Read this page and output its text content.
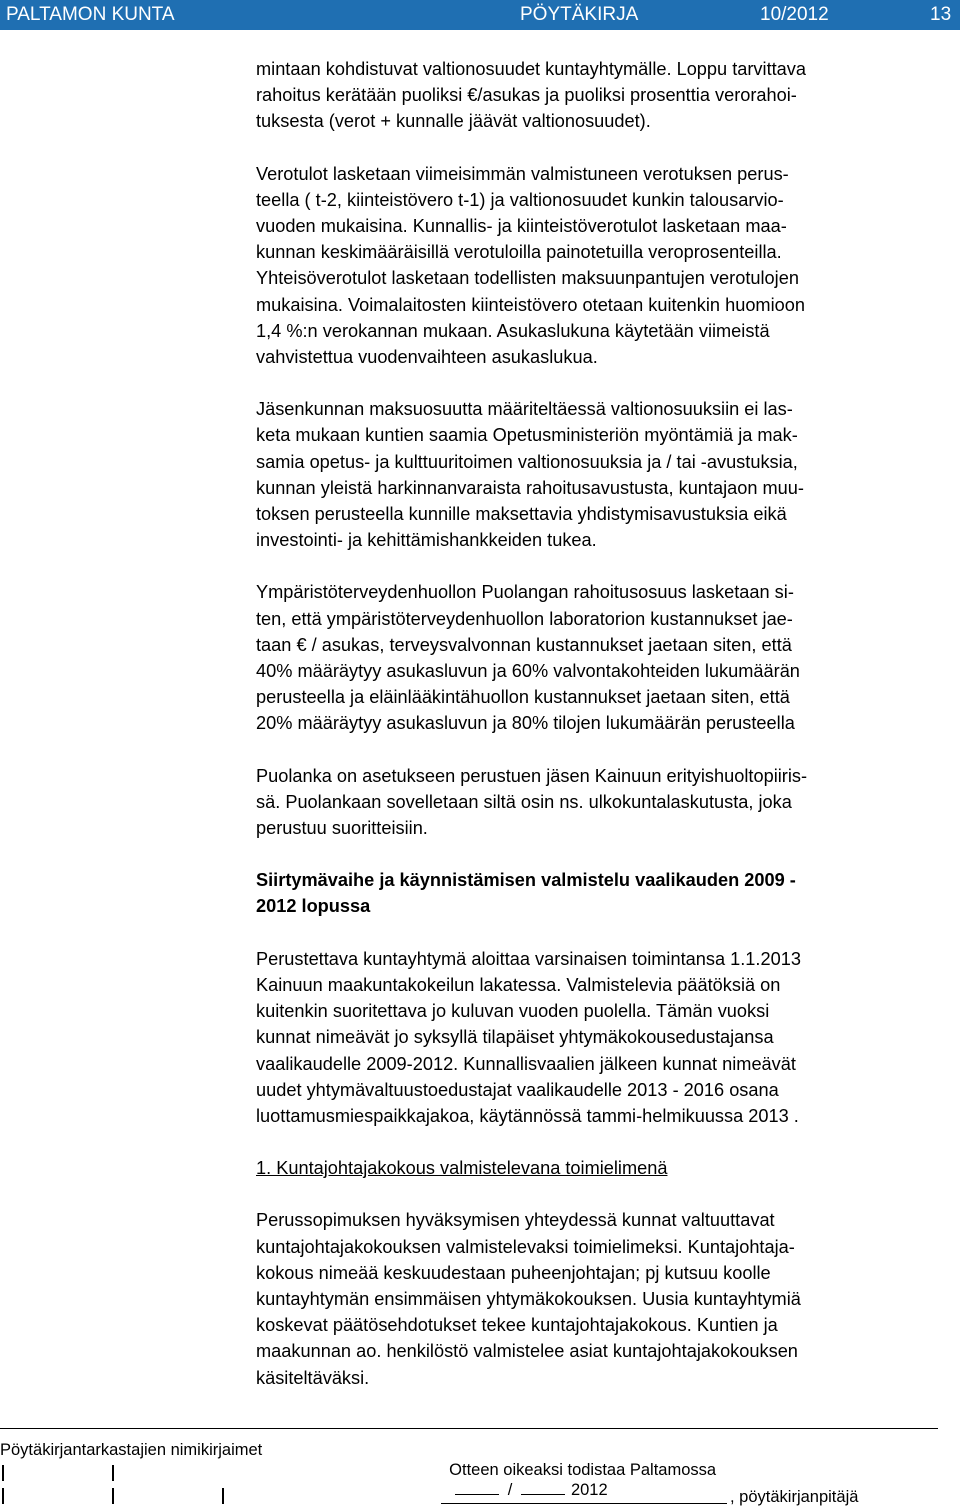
PALTAMON KUNTA	PÖYTÄKIRJA	10/2012	13

mintaan kohdistuvat valtionosuudet kuntayhtymälle. Loppu tarvittava
rahoitus kerätään puoliksi €/asukas ja puoliksi prosenttia verorahoi-
tuksesta (verot + kunnalle jäävät valtionosuudet).

Verotulot lasketaan viimeisimmän valmistuneen verotuksen perus-
teella ( t-2, kiinteistövero t-1) ja valtionosuudet kunkin talousarvio-
vuoden mukaisina. Kunnallis- ja kiinteistöverotulot lasketaan maa-
kunnan keskimääräisillä verotuloilla painotetuilla veroprosenteilla.
Yhteisöverotulot lasketaan todellisten maksuunpantujen verotulojen
mukaisina. Voimalaitosten kiinteistövero otetaan kuitenkin huomioon
1,4 %:n verokannan mukaan. Asukaslukuna käytetään viimeistä
vahvistettua vuodenvaihteen asukaslukua.

Jäsenkunnan maksuosuutta määriteltäessä valtionosuuksiin ei las-
keta mukaan kuntien saamia Opetusministeriön myöntämiä ja mak-
samia opetus- ja kulttuuritoimen valtionosuuksia ja / tai -avustuksia,
kunnan yleistä harkinnanvaraista rahoitusavustusta, kuntajaon muu-
toksen perusteella kunnille maksettavia yhdistymisavustuksia eikä
investointi- ja kehittämishankkeiden tukea.

Ympäristöterveydenhuollon Puolangan rahoitusosuus lasketaan si-
ten, että ympäristöterveydenhuollon laboratorion kustannukset jae-
taan € / asukas, terveysvalvonnan kustannukset jaetaan siten, että
40% määräytyy asukasluvun ja 60% valvontakohteiden lukumäärän
perusteella ja eläinlääkintähuollon kustannukset jaetaan siten, että
20% määräytyy asukasluvun ja 80% tilojen lukumäärän perusteella

Puolanka on asetukseen perustuen jäsen Kainuun erityishuoltopiiris-
sä. Puolankaan sovelletaan siltä osin ns. ulkokuntalaskutusta, joka
perustuu suoritteisiin.

Siirtymävaihe ja käynnistämisen valmistelu vaalikauden 2009 -
2012 lopussa

Perustettava kuntayhtymä aloittaa varsinaisen toimintansa 1.1.2013
Kainuun maakuntakokeilun lakatessa. Valmistelevia päätöksiä on
kuitenkin suoritettava jo kuluvan vuoden puolella. Tämän vuoksi
kunnat nimeävät jo syksyllä tilapäiset yhtymäkokousedustajansa
vaalikaudelle 2009-2012. Kunnallisvaalien jälkeen kunnat nimeävät
uudet yhtymävaltuustoedustajat vaalikaudelle 2013 - 2016 osana
luottamusmiespaikkajakoa, käytännössä tammi-helmikuussa 2013 .

1. Kuntajohtajakokous valmistelevana toimielimenä

Perussopimuksen hyväksymisen yhteydessä kunnat valtuuttavat
kuntajohtajakokouksen valmistelevaksi toimielimeksi. Kuntajohtaja-
kokous nimeää keskuudestaan puheenjohtajan; pj kutsuu koolle
kuntayhtymän ensimmäisen yhtymäkokouksen. Uusia kuntayhtymiä
koskevat päätösehdotukset tekee kuntajohtajakokous. Kuntien ja
maakunnan ao. henkilöstö valmistelee asiat kuntajohtajakokouksen
käsiteltäväksi.

Pöytäkirjantarkastajien nimikirjaimet

Otteen oikeaksi todistaa Paltamossa
/	2012	, pöytäkirjanpitäjä
